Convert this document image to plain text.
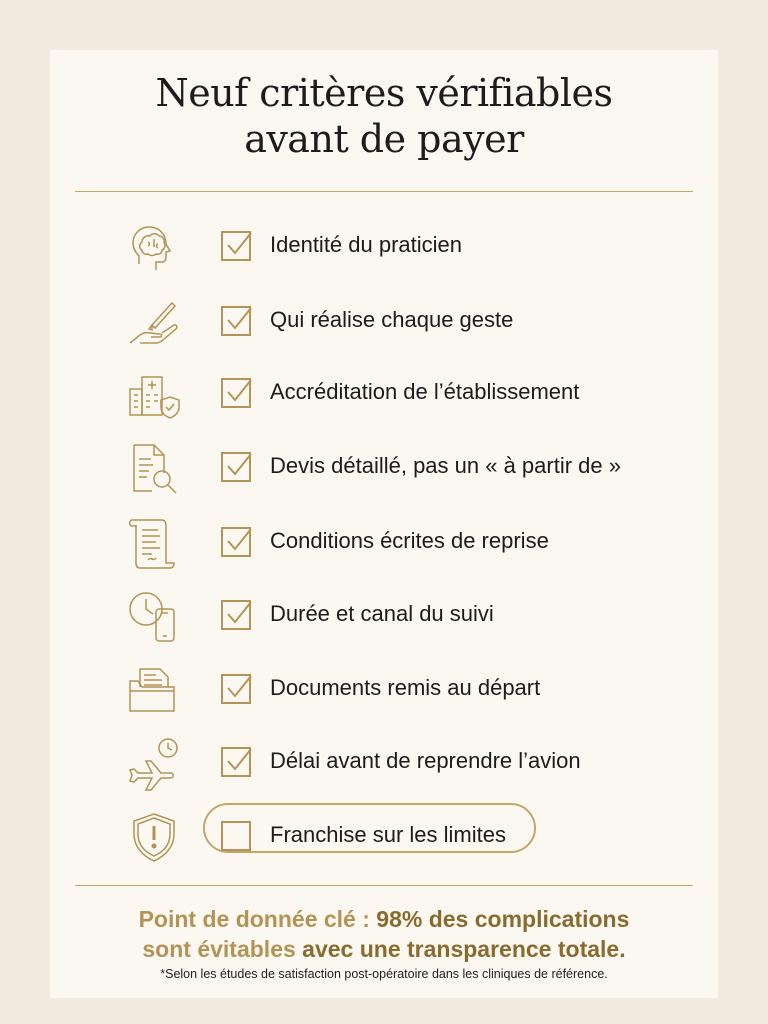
Neuf critères vérifiables
avant de payer
Identité du praticien
Qui réalise chaque geste
Accréditation de l’établissement
Devis détaillé, pas un « à partir de »
Conditions écrites de reprise
Durée et canal du suivi
Documents remis au départ
Délai avant de reprendre l’avion
Franchise sur les limites
Point de donnée clé : 98% des complications
sont évitables avec une transparence totale.
*Selon les études de satisfaction post-opératoire dans les cliniques de référence.
